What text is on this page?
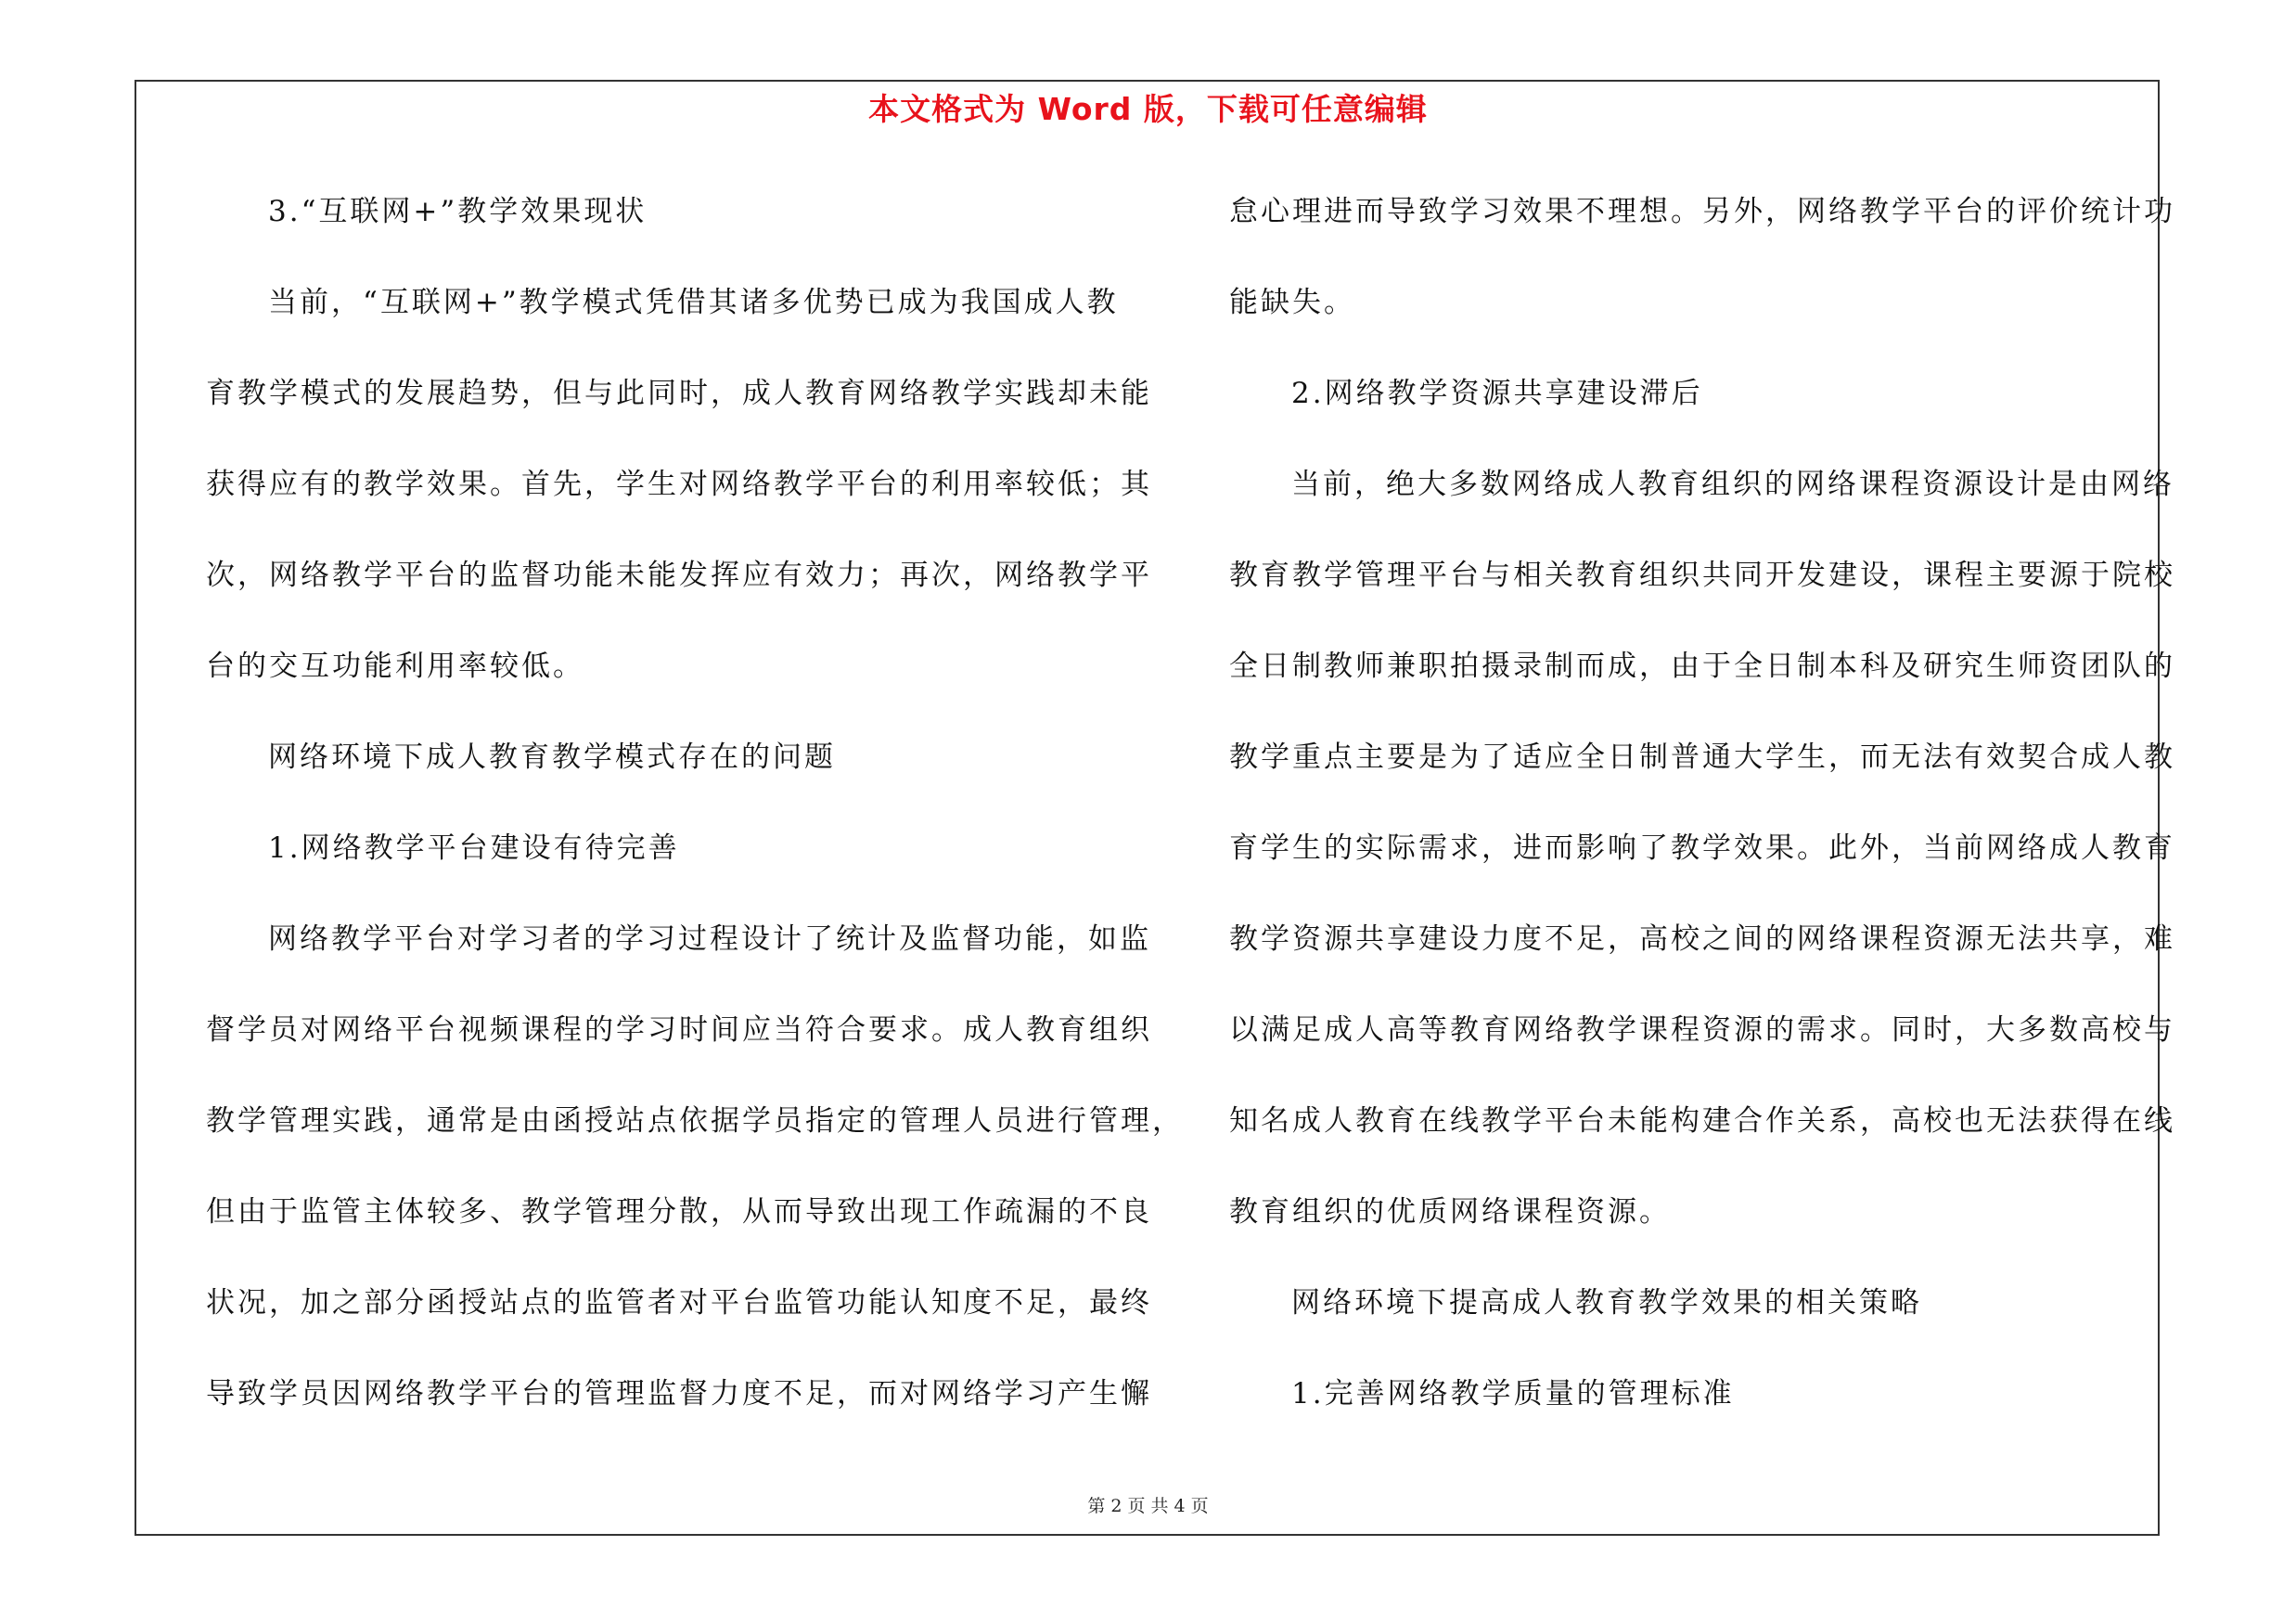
本文格式为 Word 版，下载可任意编辑
3.“互联网+”教学效果现状
当前，“互联网+”教学模式凭借其诸多优势已成为我国成人教
育教学模式的发展趋势，但与此同时，成人教育网络教学实践却未能
获得应有的教学效果。首先，学生对网络教学平台的利用率较低；其
次，网络教学平台的监督功能未能发挥应有效力；再次，网络教学平
台的交互功能利用率较低。
网络环境下成人教育教学模式存在的问题
1.网络教学平台建设有待完善
网络教学平台对学习者的学习过程设计了统计及监督功能，如监
督学员对网络平台视频课程的学习时间应当符合要求。成人教育组织
教学管理实践，通常是由函授站点依据学员指定的管理人员进行管理，
但由于监管主体较多、教学管理分散，从而导致出现工作疏漏的不良
状况，加之部分函授站点的监管者对平台监管功能认知度不足，最终
导致学员因网络教学平台的管理监督力度不足，而对网络学习产生懈
怠心理进而导致学习效果不理想。另外，网络教学平台的评价统计功
能缺失。
2.网络教学资源共享建设滞后
当前，绝大多数网络成人教育组织的网络课程资源设计是由网络
教育教学管理平台与相关教育组织共同开发建设，课程主要源于院校
全日制教师兼职拍摄录制而成，由于全日制本科及研究生师资团队的
教学重点主要是为了适应全日制普通大学生，而无法有效契合成人教
育学生的实际需求，进而影响了教学效果。此外，当前网络成人教育
教学资源共享建设力度不足，高校之间的网络课程资源无法共享，难
以满足成人高等教育网络教学课程资源的需求。同时，大多数高校与
知名成人教育在线教学平台未能构建合作关系，高校也无法获得在线
教育组织的优质网络课程资源。
网络环境下提高成人教育教学效果的相关策略
1.完善网络教学质量的管理标准
第 2 页 共 4 页
